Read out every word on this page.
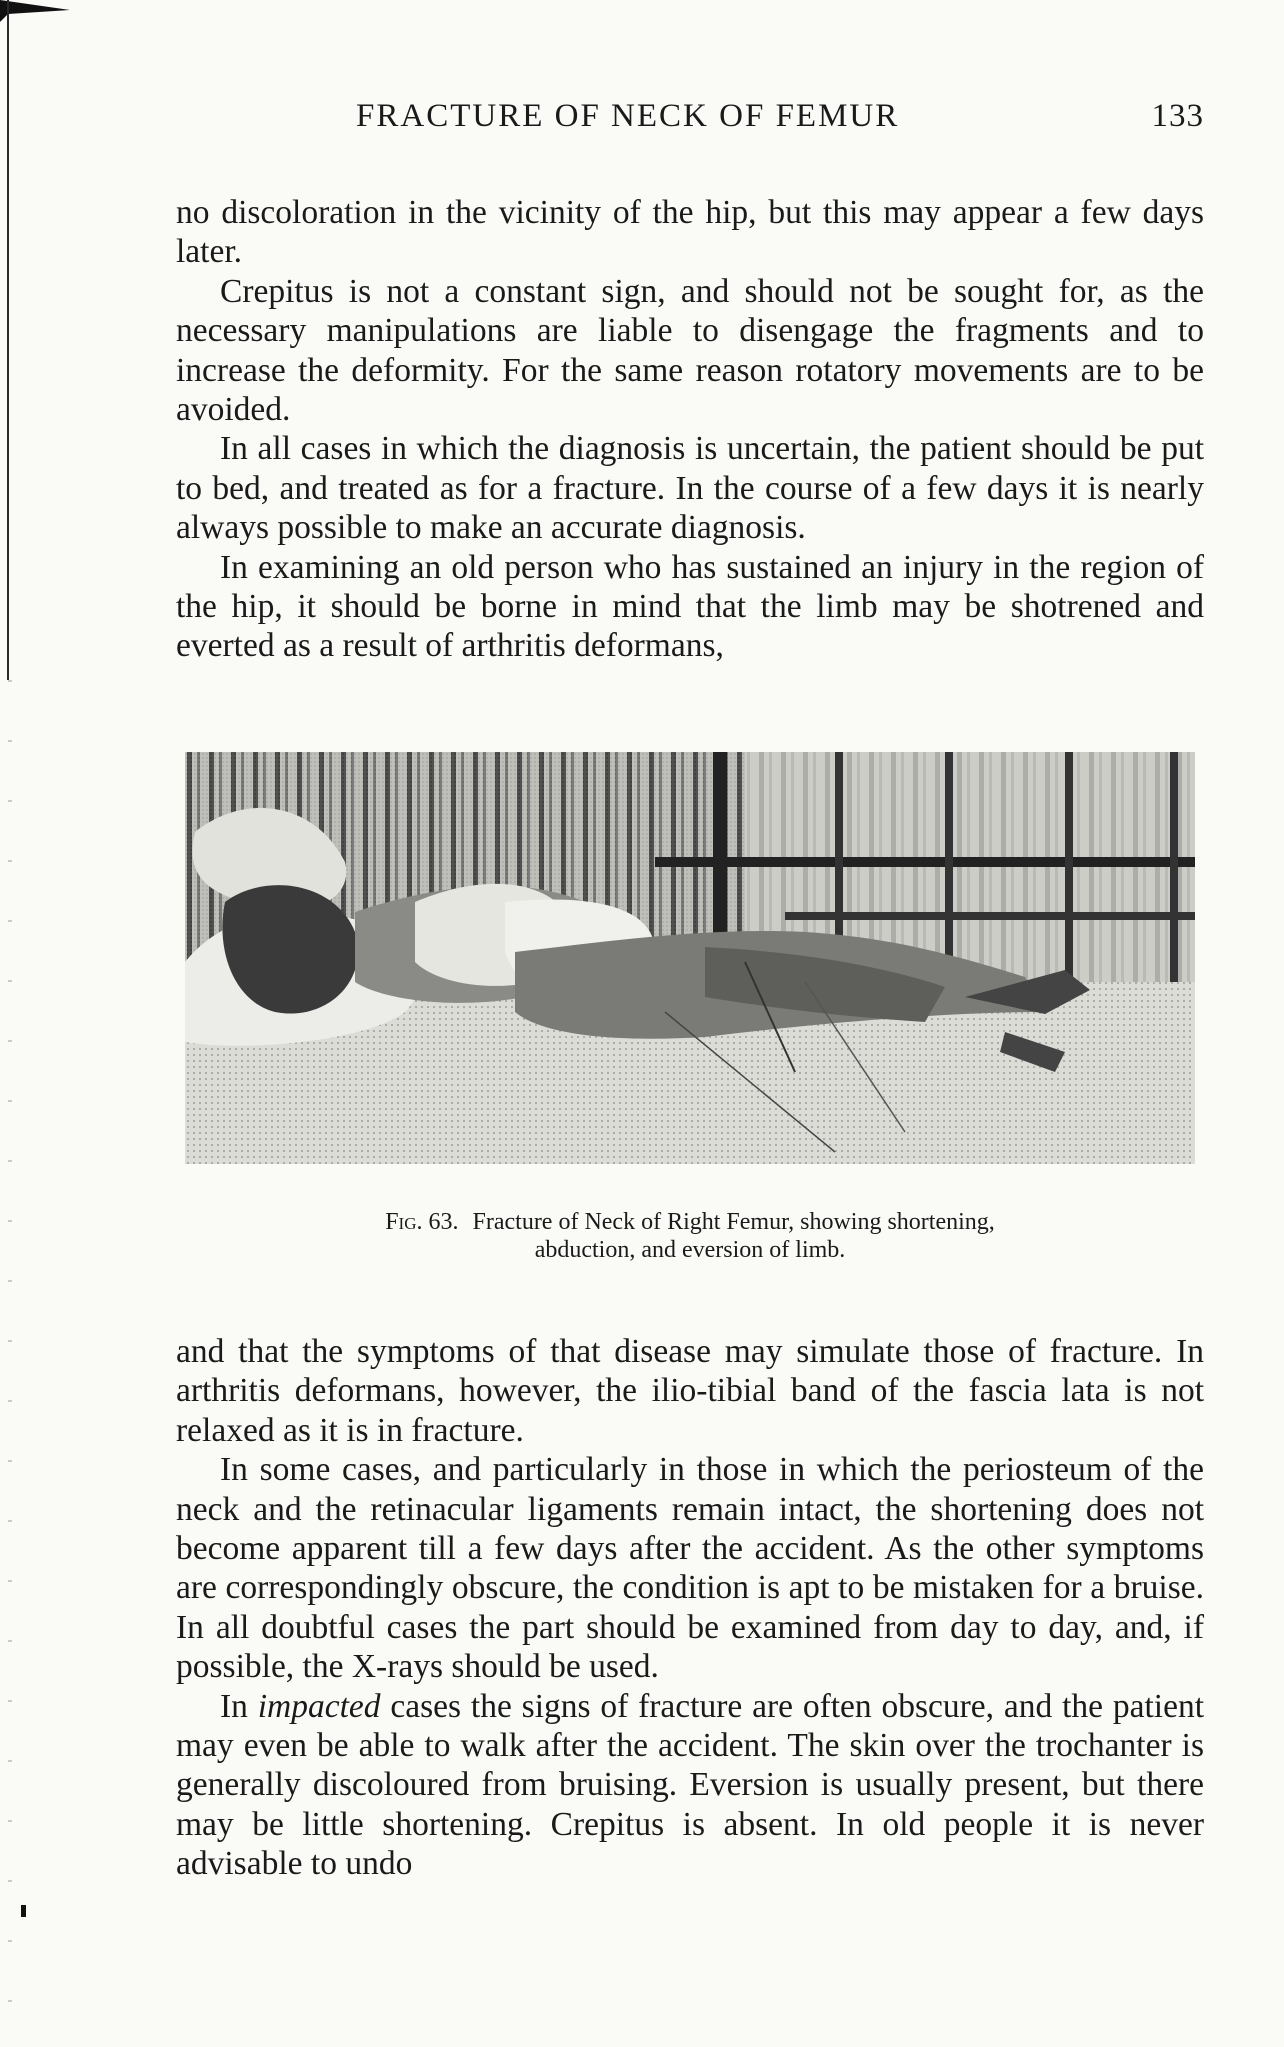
FRACTURE OF NECK OF FEMUR	133

no discoloration in the vicinity of the hip, but this may appear a few days later.

Crepitus is not a constant sign, and should not be sought for, as the necessary manipulations are liable to disengage the fragments and to increase the deformity. For the same reason rotatory movements are to be avoided.

In all cases in which the diagnosis is uncertain, the patient should be put to bed, and treated as for a fracture. In the course of a few days it is nearly always possible to make an accurate diagnosis.

In examining an old person who has sustained an injury in the region of the hip, it should be borne in mind that the limb may be shotrened and everted as a result of arthritis deformans,

Fig. 63. Fracture of Neck of Right Femur, showing shortening,
abduction, and eversion of limb.

and that the symptoms of that disease may simulate those of fracture. In arthritis deformans, however, the ilio-tibial band of the fascia lata is not relaxed as it is in fracture.

In some cases, and particularly in those in which the periosteum of the neck and the retinacular ligaments remain intact, the shortening does not become apparent till a few days after the accident. As the other symptoms are correspondingly obscure, the condition is apt to be mistaken for a bruise. In all doubtful cases the part should be examined from day to day, and, if possible, the X-rays should be used.

In impacted cases the signs of fracture are often obscure, and the patient may even be able to walk after the accident. The skin over the trochanter is generally discoloured from bruising. Eversion is usually present, but there may be little shortening. Crepitus is absent. In old people it is never advisable to undo
